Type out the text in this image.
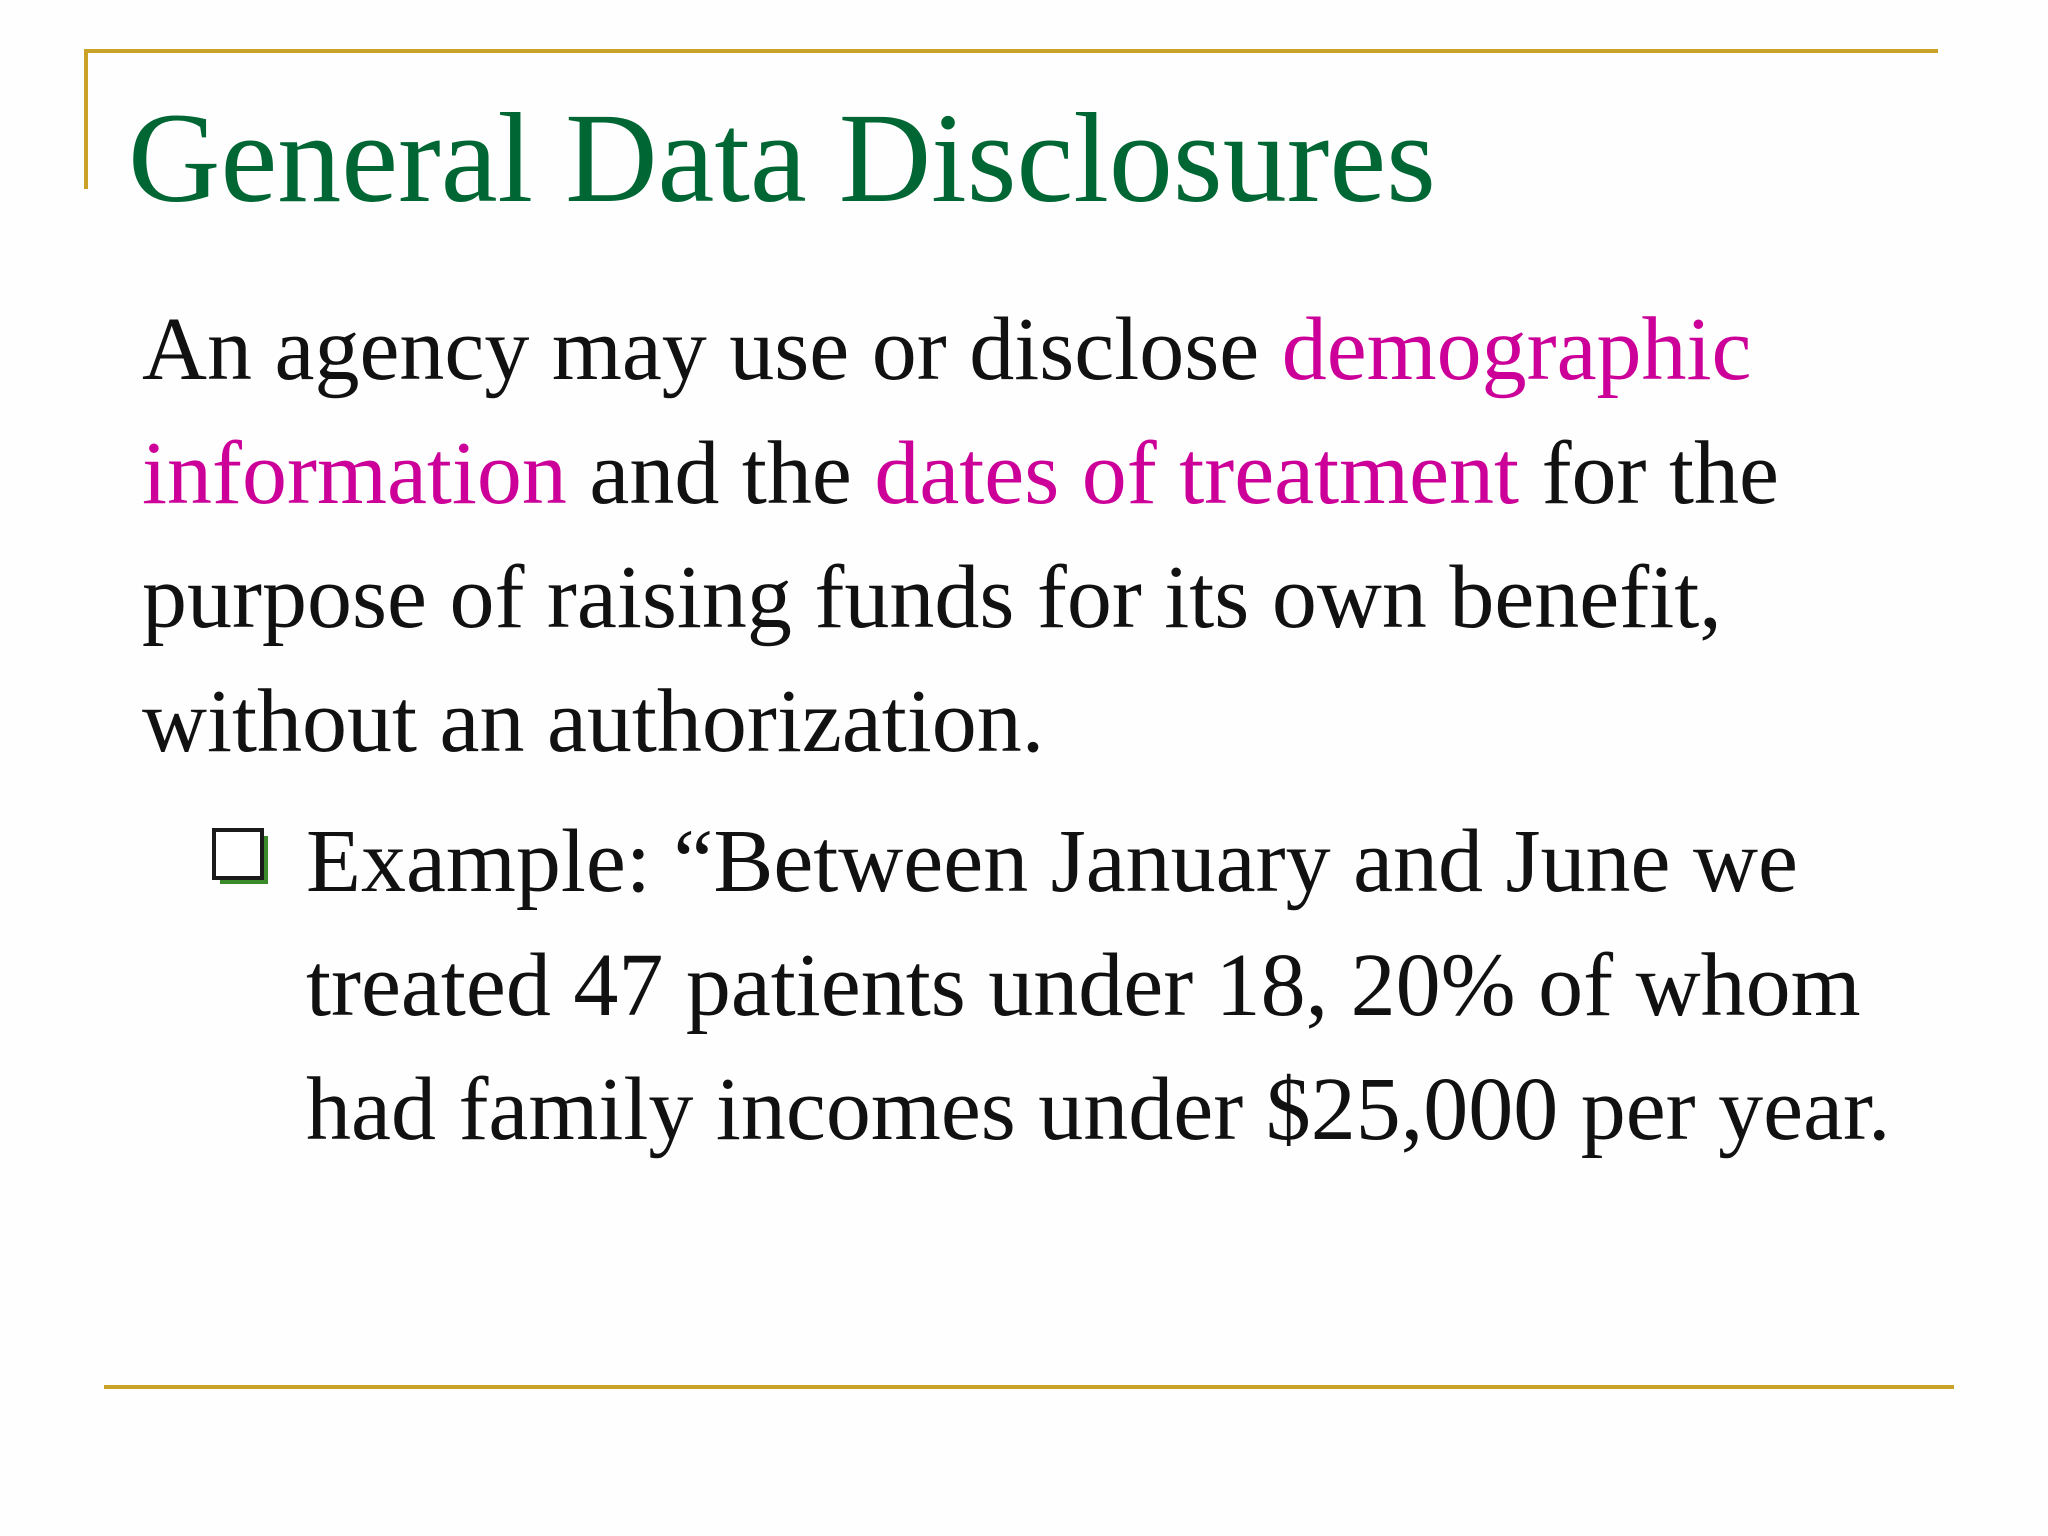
General Data Disclosures

An agency may use or disclose demographic information and the dates of treatment for the purpose of raising funds for its own benefit, without an authorization.

Example: “Between January and June we treated 47 patients under 18, 20% of whom had family incomes under $25,000 per year.
